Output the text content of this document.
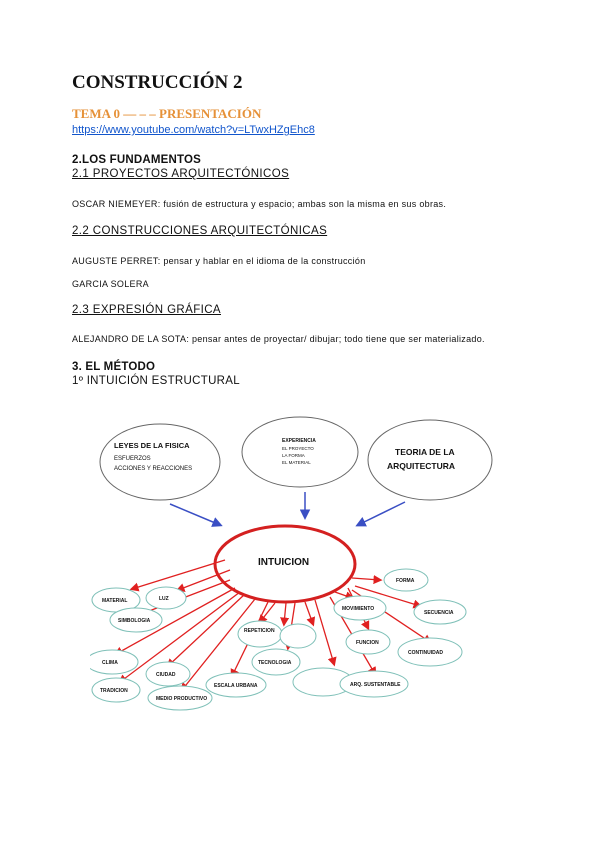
CONSTRUCCIÓN 2
TEMA 0 — – – PRESENTACIÓN
https://www.youtube.com/watch?v=LTwxHZgEhc8
2.LOS FUNDAMENTOS
2.1 PROYECTOS ARQUITECTÓNICOS
OSCAR NIEMEYER: fusión de estructura y espacio; ambas son la misma en sus obras.
2.2 CONSTRUCCIONES ARQUITECTÓNICAS
AUGUSTE PERRET: pensar y hablar en el idioma de la construcción
GARCIA SOLERA
2.3 EXPRESIÓN GRÁFICA
ALEJANDRO DE LA SOTA: pensar antes de proyectar/ dibujar; todo tiene que ser materializado.
3. EL MÉTODO
1º INTUICIÓN ESTRUCTURAL
LEYES DE LA FISICA
ESFUERZOS
ACCIONES Y REACCIONES
EXPERIENCIA
EL PROYECTO
LA FORMA
EL MATERIAL
TEORIA DE LA
ARQUITECTURA
INTUICION
MATERIAL	LUZ
SIMBOLOGIA
CLIMA
CIUDAD
TRADICION
MEDIO PRODUCTIVO
ESCALA URBANA
REPETICION
TECNOLOGIA
MOVIMIENTO
FUNCION
FORMA
SECUENCIA
CONTINUIDAD
ARQ. SUSTENTABLE
